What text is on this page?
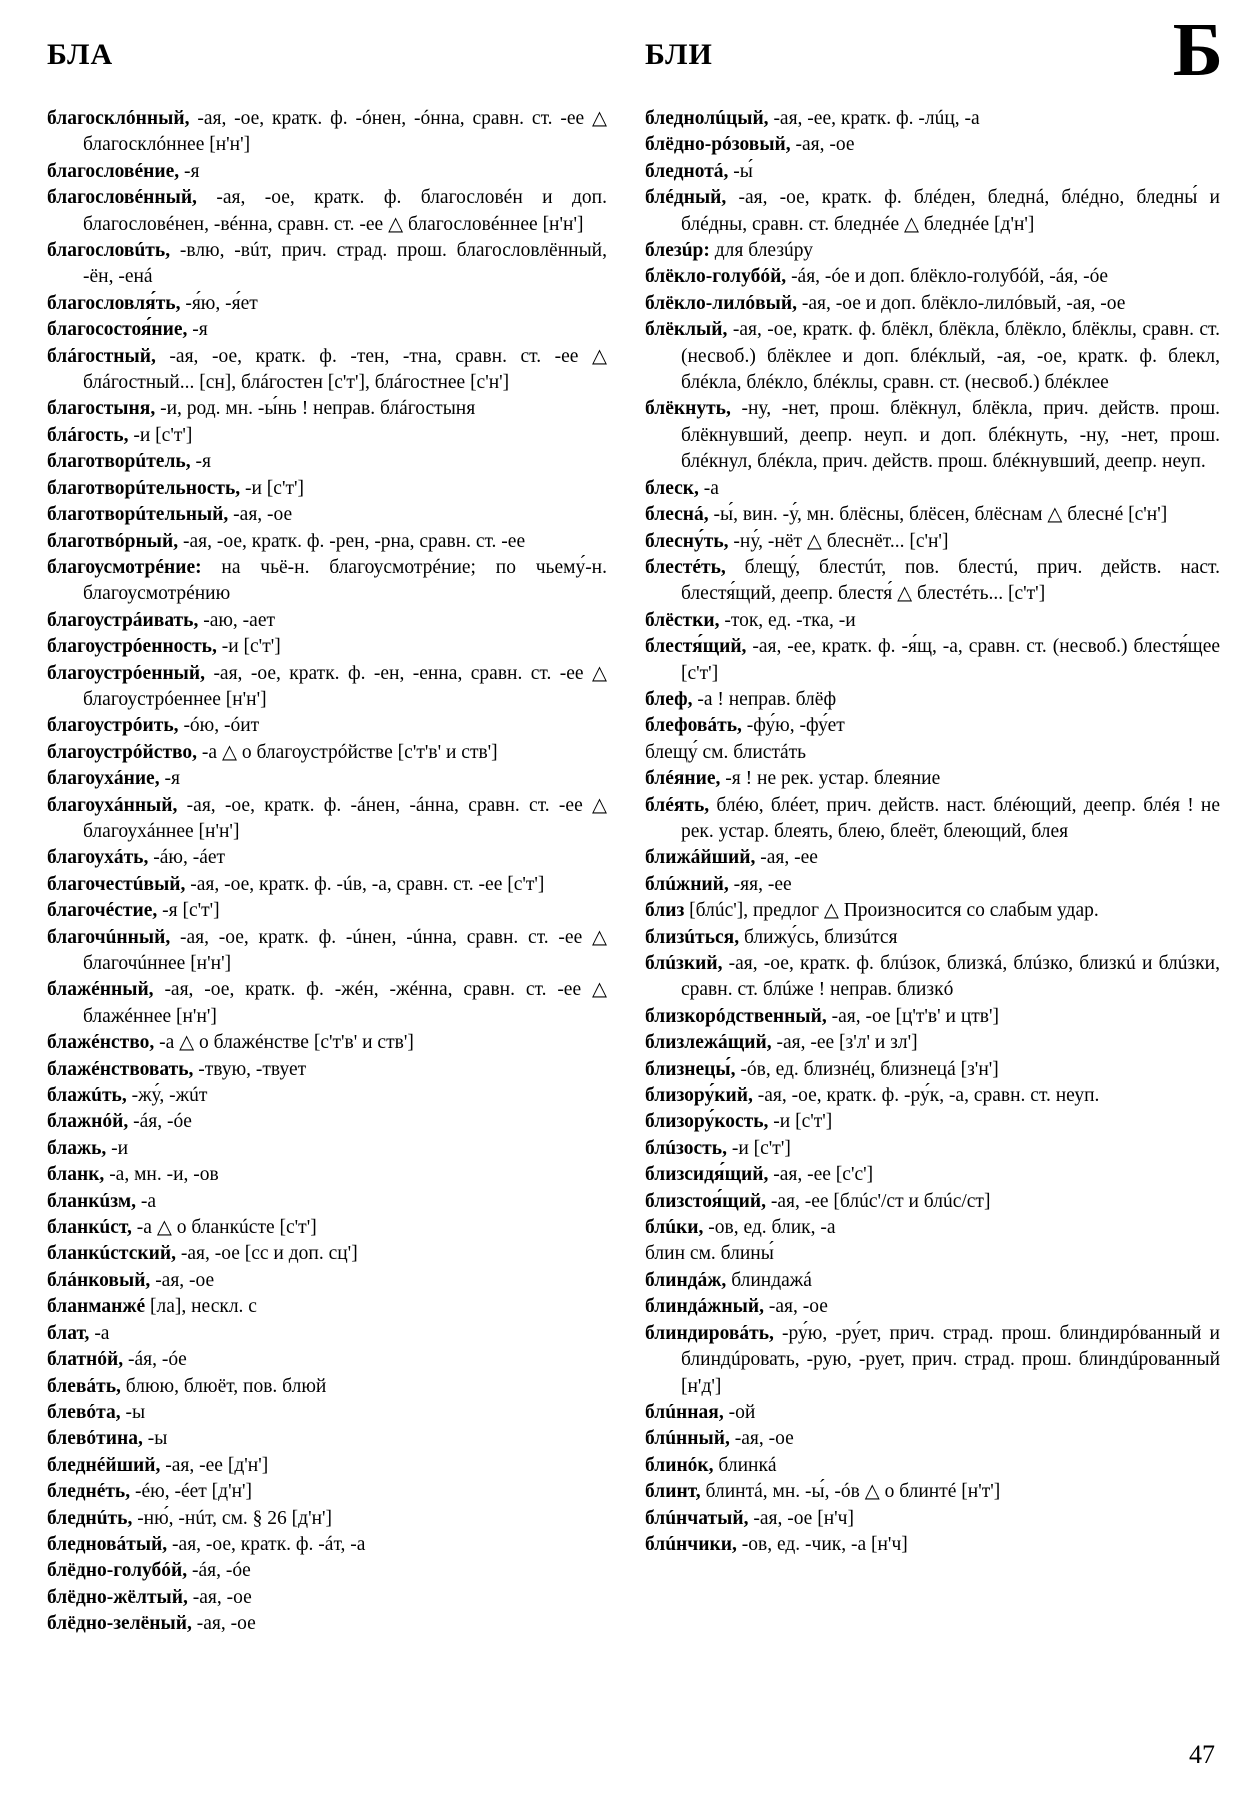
БЛА	БЛИ	Б
благосклóнный, -ая, -ое, кратк. ф. -óнен, -óнна, сравн. ст. -ее △ благосклóннее [н'н']
благословéние, -я
благословéнный, -ая, -ое, кратк. ф. благословéн и доп. благословéнен, -вéнна, сравн. ст. -ее △ благословéннее [н'н']
благословúть, -влю, -вúт, прич. страд. прош. благословлённый, -ён, -енá
благословля́ть, -я́ю, -я́ет
благосостоя́ние, -я
блáгостный, -ая, -ое, кратк. ф. -тен, -тна, сравн. ст. -ее △ блáгостный... [сн], блáгостен [с'т'], блáгостнее [с'н']
благостыня, -и, род. мн. -ы́нь ! неправ. блáгостыня
блáгость, -и [с'т']
благотворúтель, -я
благотворúтельность, -и [с'т']
благотворúтельный, -ая, -ое
благотвóрный, -ая, -ое, кратк. ф. -рен, -рна, сравн. ст. -ее
благоусмотрéние: на чьё-н. благоусмотрéние; по чьему́-н. благоусмотрéнию
благоустрáивать, -аю, -ает
благоустрóенность, -и [с'т']
благоустрóенный, -ая, -ое, кратк. ф. -ен, -енна, сравн. ст. -ее △ благоустрóеннее [н'н']
благоустрóить, -óю, -óит
благоустрóйство, -а △ о благоустрóйстве [с'т'в' и ств']
благоухáние, -я
благоухáнный, -ая, -ое, кратк. ф. -áнен, -áнна, сравн. ст. -ее △ благоухáннее [н'н']
благоухáть, -áю, -áет
благочестúвый, -ая, -ое, кратк. ф. -úв, -а, сравн. ст. -ее [с'т']
благочéстие, -я [с'т']
благочúнный, -ая, -ое, кратк. ф. -úнен, -úнна, сравн. ст. -ее △ благочúннее [н'н']
блажéнный, -ая, -ое, кратк. ф. -жéн, -жéнна, сравн. ст. -ее △ блажéннее [н'н']
блажéнство, -а △ о блажéнстве [с'т'в' и ств']
блажéнствовать, -твую, -твует
блажúть, -жу́, -жúт
блажнóй, -áя, -óе
блажь, -и
бланк, -а, мн. -и, -ов
бланкúзм, -а
бланкúст, -а △ о бланкúсте [с'т']
бланкúстский, -ая, -ое [сс и доп. сц']
блáнковый, -ая, -ое
бланманжé [ла], нескл. с
блат, -а
блатнóй, -áя, -óе
блевáть, блюю, блюёт, пов. блюй
блевóта, -ы
блевóтина, -ы
бледнéйший, -ая, -ее [д'н']
бледнéть, -éю, -éет [д'н']
бледнúть, -ню́, -нúт, см. § 26 [д'н']
бледновáтый, -ая, -ое, кратк. ф. -áт, -а
блёдно-голубóй, -áя, -óе
блёдно-жёлтый, -ая, -ое
блёдно-зелёный, -ая, -ое
бледнолúцый, -ая, -ее, кратк. ф. -лúц, -а
блёдно-рóзовый, -ая, -ое
бледнотá, -ы́
блéдный, -ая, -ое, кратк. ф. блéден, бледнá, блéдно, бледны́ и блéдны, сравн. ст. бледнéе △ бледнéе [д'н']
блезúр: для блезúру
блёкло-голубóй, -áя, -óе и доп. блёкло-голубóй, -áя, -óе
блёкло-лилóвый, -ая, -ое и доп. блёкло-лилóвый, -ая, -ое
блёклый, -ая, -ое, кратк. ф. блёкл, блёкла, блёкло, блёклы, сравн. ст. (несвоб.) блёклее и доп. блéклый, -ая, -ое, кратк. ф. блекл, блéкла, блéкло, блéклы, сравн. ст. (несвоб.) блéклее
блёкнуть, -ну, -нет, прош. блёкнул, блёкла, прич. действ. прош. блёкнувший, деепр. неуп. и доп. блéкнуть, -ну, -нет, прош. блéкнул, блéкла, прич. действ. прош. блéкнувший, деепр. неуп.
блеск, -а
блеснá, -ы́, вин. -у́, мн. блёсны, блёсен, блёснам △ блеснé [с'н']
блесну́ть, -ну́, -нёт △ блеснёт... [с'н']
блестéть, блещу́, блестúт, пов. блестú, прич. действ. наст. блестя́щий, деепр. блестя́ △ блестéть... [с'т']
блёстки, -ток, ед. -тка, -и
блестя́щий, -ая, -ее, кратк. ф. -я́щ, -а, сравн. ст. (несвоб.) блестя́щее [с'т']
блеф, -а ! неправ. блёф
блефовáть, -фу́ю, -фу́ет
блещу́ см. блистáть
блéяние, -я ! не рек. устар. блеяние
блéять, блéю, блéет, прич. действ. наст. блéющий, деепр. блéя ! не рек. устар. блеять, блею, блеёт, блеющий, блея
ближáйший, -ая, -ее
блúжний, -яя, -ее
близ [блúс'], предлог △ Произносится со слабым удар.
близúться, ближу́сь, близúтся
блúзкий, -ая, -ое, кратк. ф. блúзок, близкá, блúзко, близкú и блúзки, сравн. ст. блúже ! неправ. близкó
близкорóдственный, -ая, -ое [ц'т'в' и цтв']
близлежáщий, -ая, -ее [з'л' и зл']
близнецы́, -óв, ед. близнéц, близнецá [з'н']
близору́кий, -ая, -ое, кратк. ф. -ру́к, -а, сравн. ст. неуп.
близору́кость, -и [с'т']
блúзость, -и [с'т']
близсидя́щий, -ая, -ее [с'с']
близстоя́щий, -ая, -ее [блúс'/ст и блúс/ст]
блúки, -ов, ед. блик, -а
блин см. блины́
блиндáж, блиндажá
блиндáжный, -ая, -ое
блиндировáть, -ру́ю, -ру́ет, прич. страд. прош. блиндирóванный и блиндúровать, -рую, -рует, прич. страд. прош. блиндúрованный [н'д']
блúнная, -ой
блúнный, -ая, -ое
блинóк, блинкá
блинт, блинтá, мн. -ы́, -óв △ о блинтé [н'т']
блúнчатый, -ая, -ое [н'ч]
блúнчики, -ов, ед. -чик, -а [н'ч]
47
